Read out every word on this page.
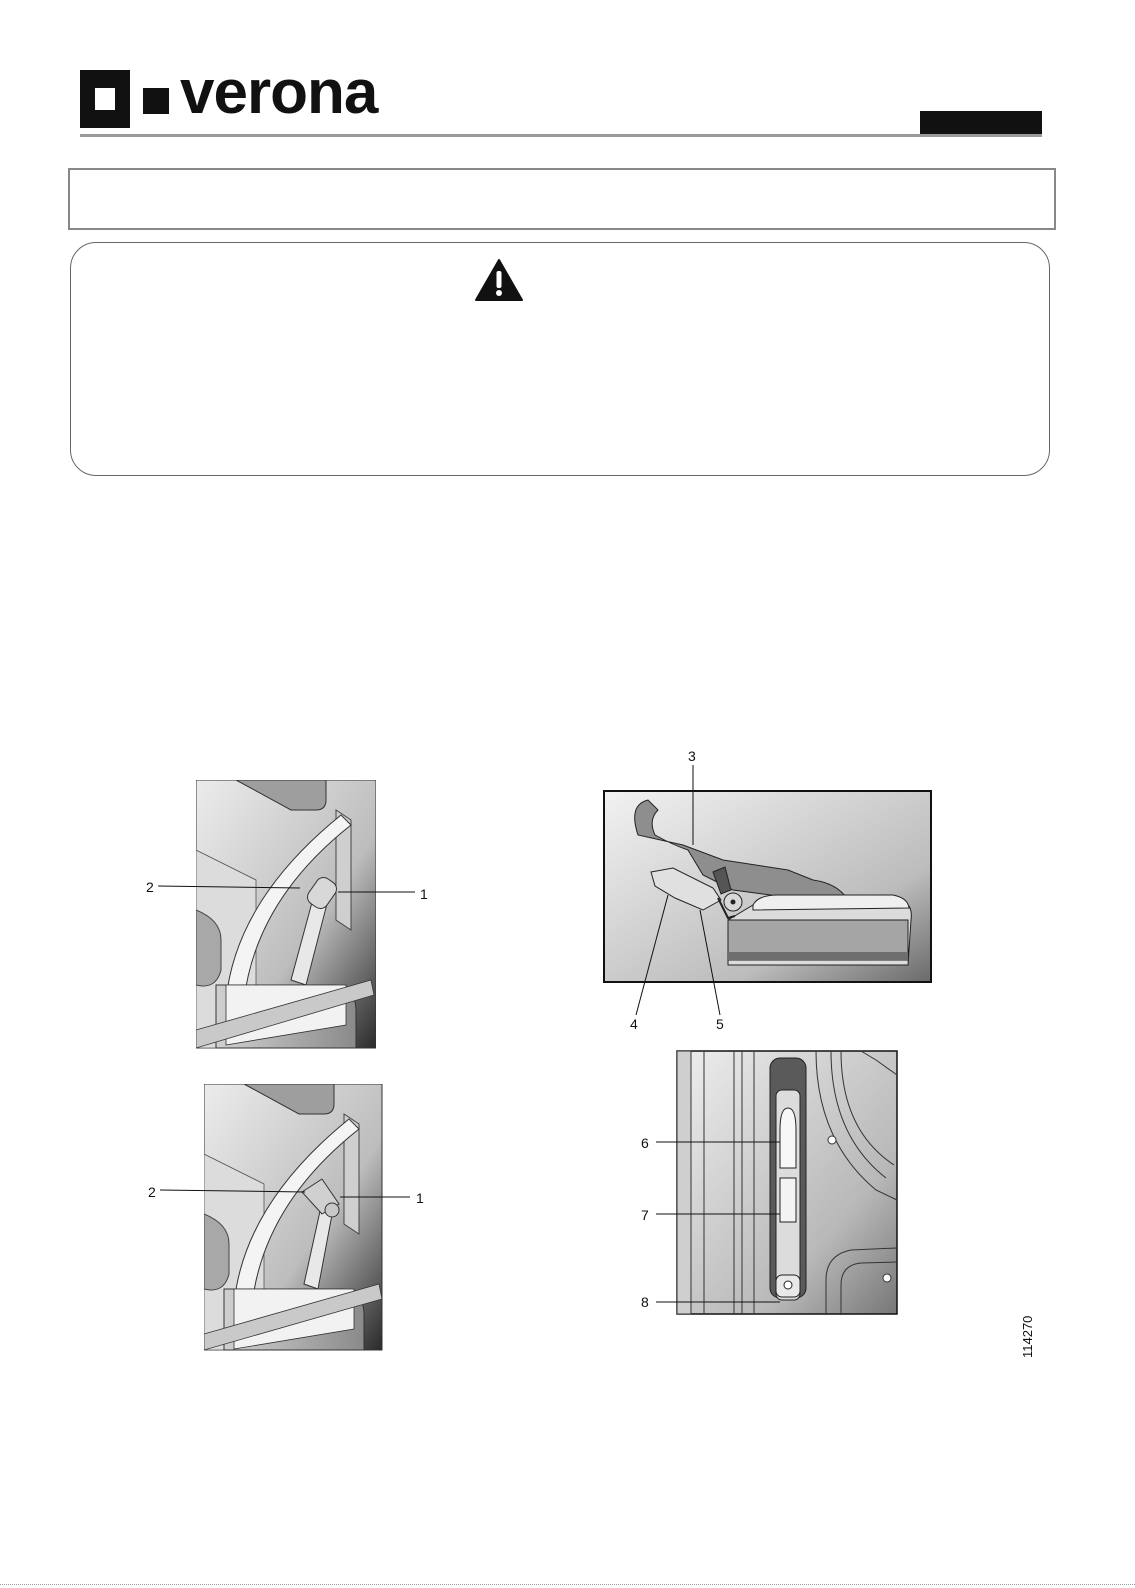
verona
2	1
2	1
3
4	5
6
7
8
114270
